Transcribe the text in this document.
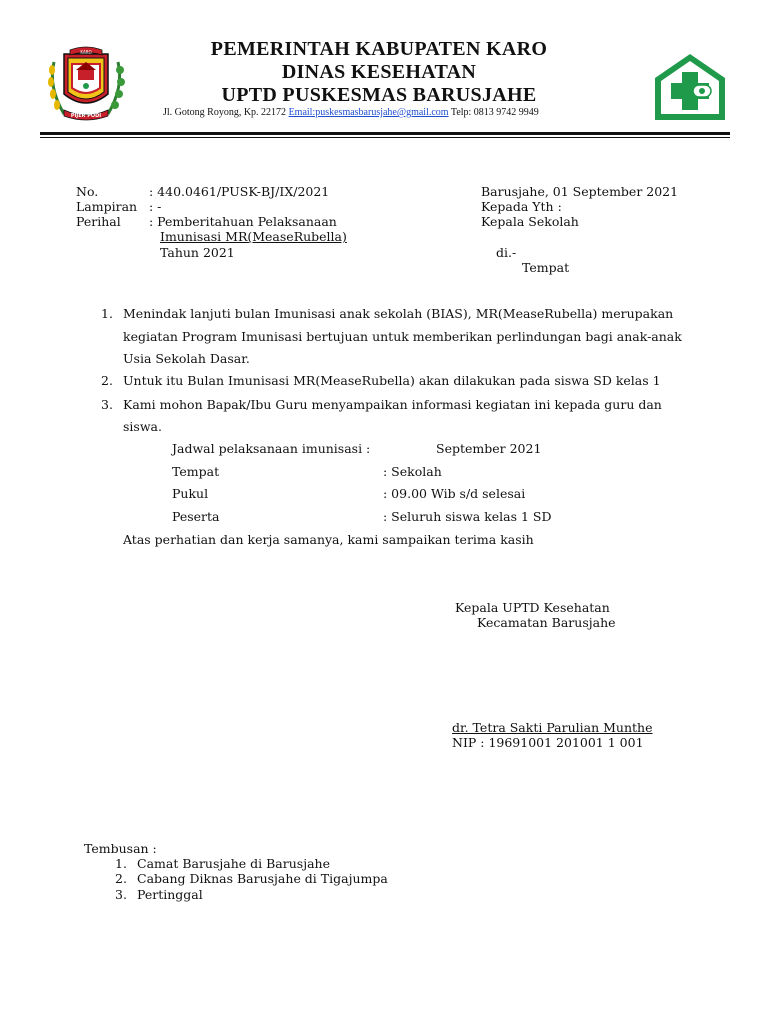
KARO
PIJER PODI
PEMERINTAH KABUPATEN KARO
DINAS KESEHATAN
UPTD PUSKESMAS BARUSJAHE
Jl. Gotong Royong, Kp. 22172 Email:puskesmasbarusjahe@gmail.com Telp: 0813 9742 9949
No.	: 440.0461/PUSK-BJ/IX/2021
Lampiran : -
Perihal : Pemberitahuan Pelaksanaan
Imunisasi MR(MeaseRubella)
Tahun 2021
Barusjahe, 01 September 2021
Kepada Yth :
Kepala Sekolah
di.-
Tempat
1. Menindak lanjuti bulan Imunisasi anak sekolah (BIAS), MR(MeaseRubella) merupakan
kegiatan Program Imunisasi bertujuan untuk memberikan perlindungan bagi anak-anak
Usia Sekolah Dasar.
2. Untuk itu Bulan Imunisasi MR(MeaseRubella) akan dilakukan pada siswa SD kelas 1
3. Kami mohon Bapak/Ibu Guru menyampaikan informasi kegiatan ini kepada guru dan
siswa.
Jadwal pelaksanaan imunisasi :	September 2021
Tempat	: Sekolah
Pukul	: 09.00 Wib s/d selesai
Peserta	: Seluruh siswa kelas 1 SD
Atas perhatian dan kerja samanya, kami sampaikan terima kasih
Kepala UPTD Kesehatan
Kecamatan Barusjahe
dr. Tetra Sakti Parulian Munthe
NIP : 19691001 201001 1 001
Tembusan :
1. Camat Barusjahe di Barusjahe
2. Cabang Diknas Barusjahe di Tigajumpa
3. Pertinggal
